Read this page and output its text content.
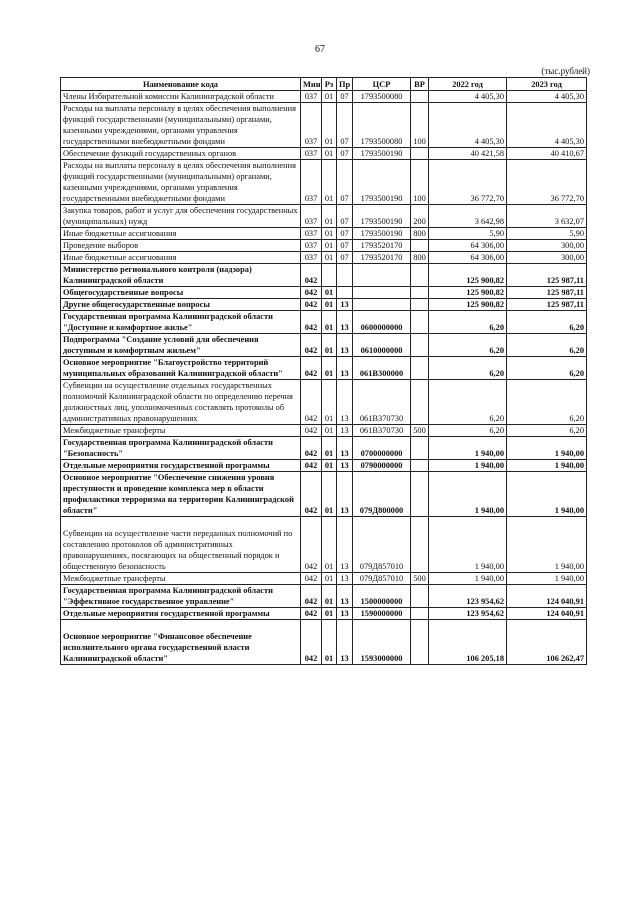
67
(тыс.рублей)
Наименование кода	Мин	Рз	Пр	ЦСР	ВР	2022 год	2023 год
Члены Избирательной комиссии Калининградской области	037	01	07	1793500080		4 405,30	4 405,30
Расходы на выплаты персоналу в целях обеспечения выполнения функций государственными (муниципальными) органами, казенными учреждениями, органами управления государственными внебюджетными фондами	037	01	07	1793500080	100	4 405,30	4 405,30
Обеспечение функций государственных органов	037	01	07	1793500190		40 421,58	40 410,67
Расходы на выплаты персоналу в целях обеспечения выполнения функций государственными (муниципальными) органами, казенными учреждениями, органами управления государственными внебюджетными фондами	037	01	07	1793500190	100	36 772,70	36 772,70
Закупка товаров, работ и услуг для обеспечения государственных (муниципальных) нужд	037	01	07	1793500190	200	3 642,98	3 632,07
Иные бюджетные ассигнования	037	01	07	1793500190	800	5,90	5,90
Проведение выборов	037	01	07	1793520170		64 306,00	300,00
Иные бюджетные ассигнования	037	01	07	1793520170	800	64 306,00	300,00
Министерство регионального контроля (надзора) Калининградской области	042					125 900,82	125 987,11
Общегосударственные вопросы	042	01				125 900,82	125 987,11
Другие общегосударственные вопросы	042	01	13			125 900,82	125 987,11
Государственная программа Калининградской области "Доступное и комфортное жилье"	042	01	13	0600000000		6,20	6,20
Подпрограмма "Создание условий для обеспечения доступным и комфортным жильем"	042	01	13	0610000000		6,20	6,20
Основное мероприятие "Благоустройство территорий муниципальных образований Калининградской области"	042	01	13	061В300000		6,20	6,20
Субвенции на осуществление отдельных государственных полномочий Калининградской области по определению перечня должностных лиц, уполномоченных составлять протоколы об административных правонарушениях	042	01	13	061В370730		6,20	6,20
Межбюджетные трансферты	042	01	13	061В370730	500	6,20	6,20
Государственная программа Калининградской области "Безопасность"	042	01	13	0700000000		1 940,00	1 940,00
Отдельные мероприятия государственной программы	042	01	13	0790000000		1 940,00	1 940,00
Основное мероприятие "Обеспечение снижения уровня преступности и проведение комплекса мер в области профилактики терроризма на территории Калининградской области"	042	01	13	079Д800000		1 940,00	1 940,00
Субвенции на осуществление части переданных полномочий по составлению протоколов об административных правонарушениях, посягающих на общественный порядок и общественную безопасность	042	01	13	079Д857010		1 940,00	1 940,00
Межбюджетные трансферты	042	01	13	079Д857010	500	1 940,00	1 940,00
Государственная программа Калининградской области "Эффективное государственное управление"	042	01	13	1500000000		123 954,62	124 040,91
Отдельные мероприятия государственной программы	042	01	13	1590000000		123 954,62	124 040,91
Основное мероприятие "Финансовое обеспечение исполнительного органа государственной власти Калининградской области"	042	01	13	1593000000		106 205,18	106 262,47
